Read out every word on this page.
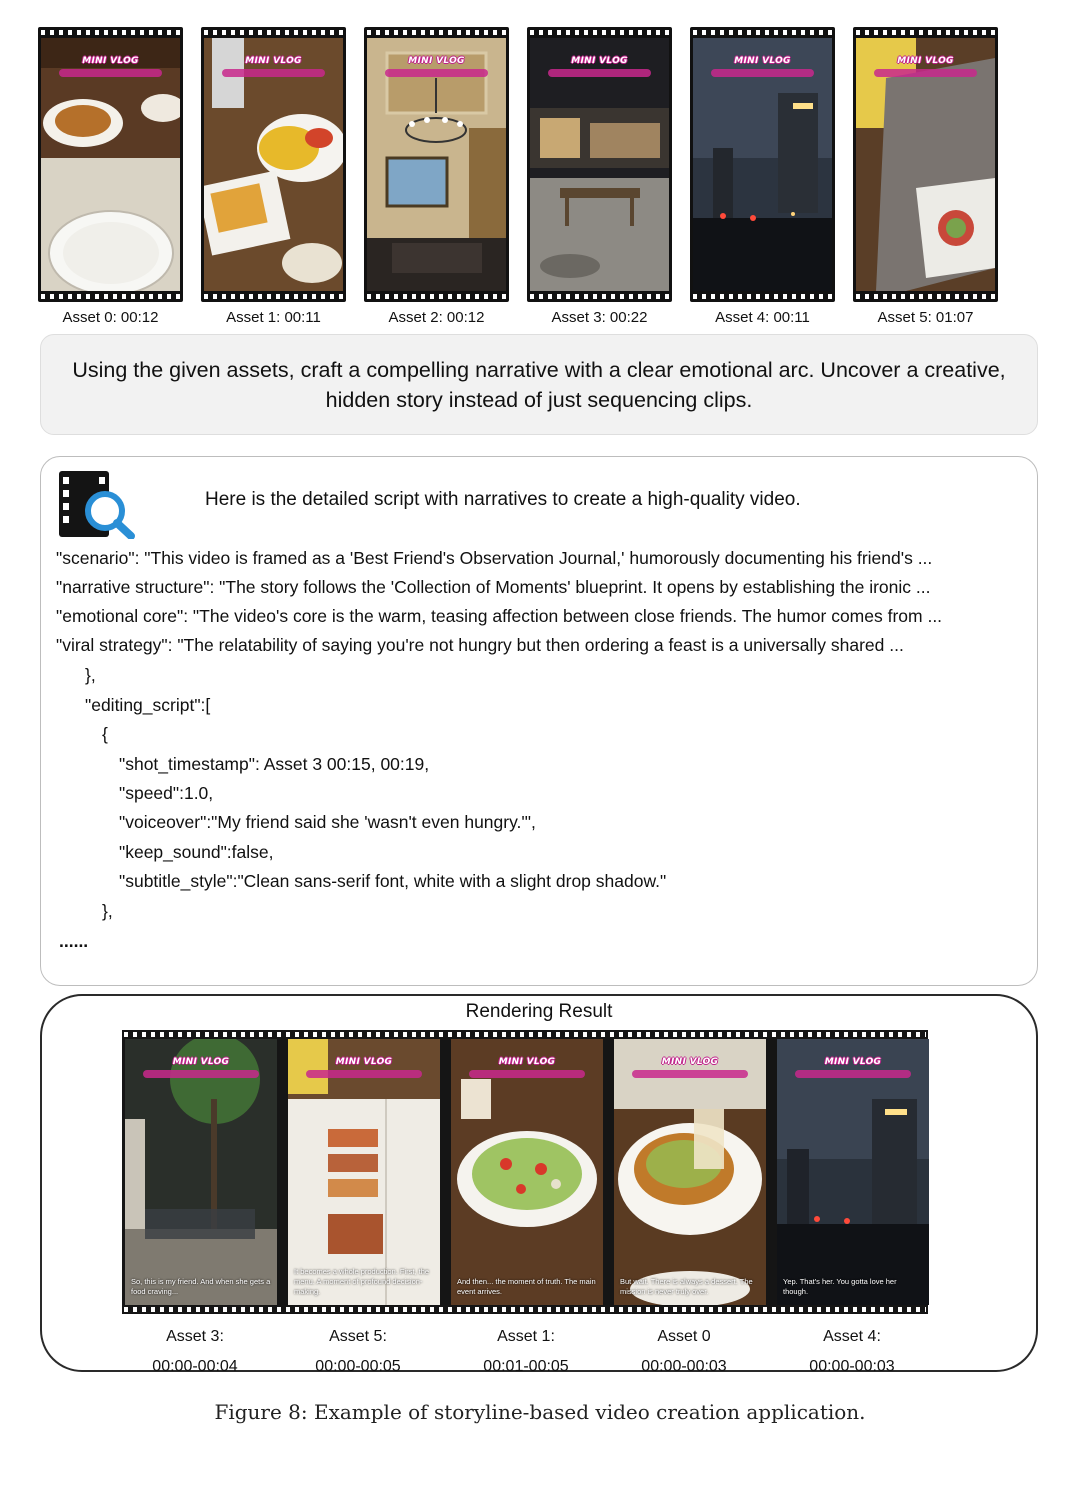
MINI VLOG
Asset 0: 00:12
MINI VLOG
Asset 1: 00:11
MINI VLOG
Asset 2: 00:12
MINI VLOG
Asset 3: 00:22
MINI VLOG
Asset 4: 00:11
MINI VLOG
Asset 5: 01:07
Using the given assets, craft a compelling narrative with a clear emotional arc. Uncover a creative, hidden story instead of just sequencing clips.
Here is the detailed script with narratives to create a high-quality video.
"scenario": "This video is framed as a 'Best Friend's Observation Journal,' humorously documenting his friend's ...
"narrative structure": "The story follows the 'Collection of Moments' blueprint. It opens by establishing the ironic ...
"emotional core": "The video's core is the warm, teasing affection between close friends. The humor comes from ...
"viral strategy": "The relatability of saying you're not hungry but then ordering a feast is a universally shared ...
},
"editing_script":[
{
"shot_timestamp": Asset 3 00:15, 00:19,
"speed":1.0,
"voiceover":"My friend said she 'wasn't even hungry.'",
"keep_sound":false,
"subtitle_style":"Clean sans-serif font, white with a slight drop shadow."
},
......
Rendering Result
MINI VLOG
So, this is my friend. And when she gets a food craving...
MINI VLOG
It becomes a whole production. First, the menu. A moment of profound decision-making.
MINI VLOG
And then... the moment of truth. The main event arrives.
MINI VLOG
But wait. There is always a dessert. The mission is never truly over.
MINI VLOG
Yep. That's her. You gotta love her though.
Asset 3:
00:00-00:04
Asset 5:
00:00-00:05
Asset 1:
00:01-00:05
Asset 0
00:00-00:03
Asset 4:
00:00-00:03
Figure 8: Example of storyline-based video creation application.
